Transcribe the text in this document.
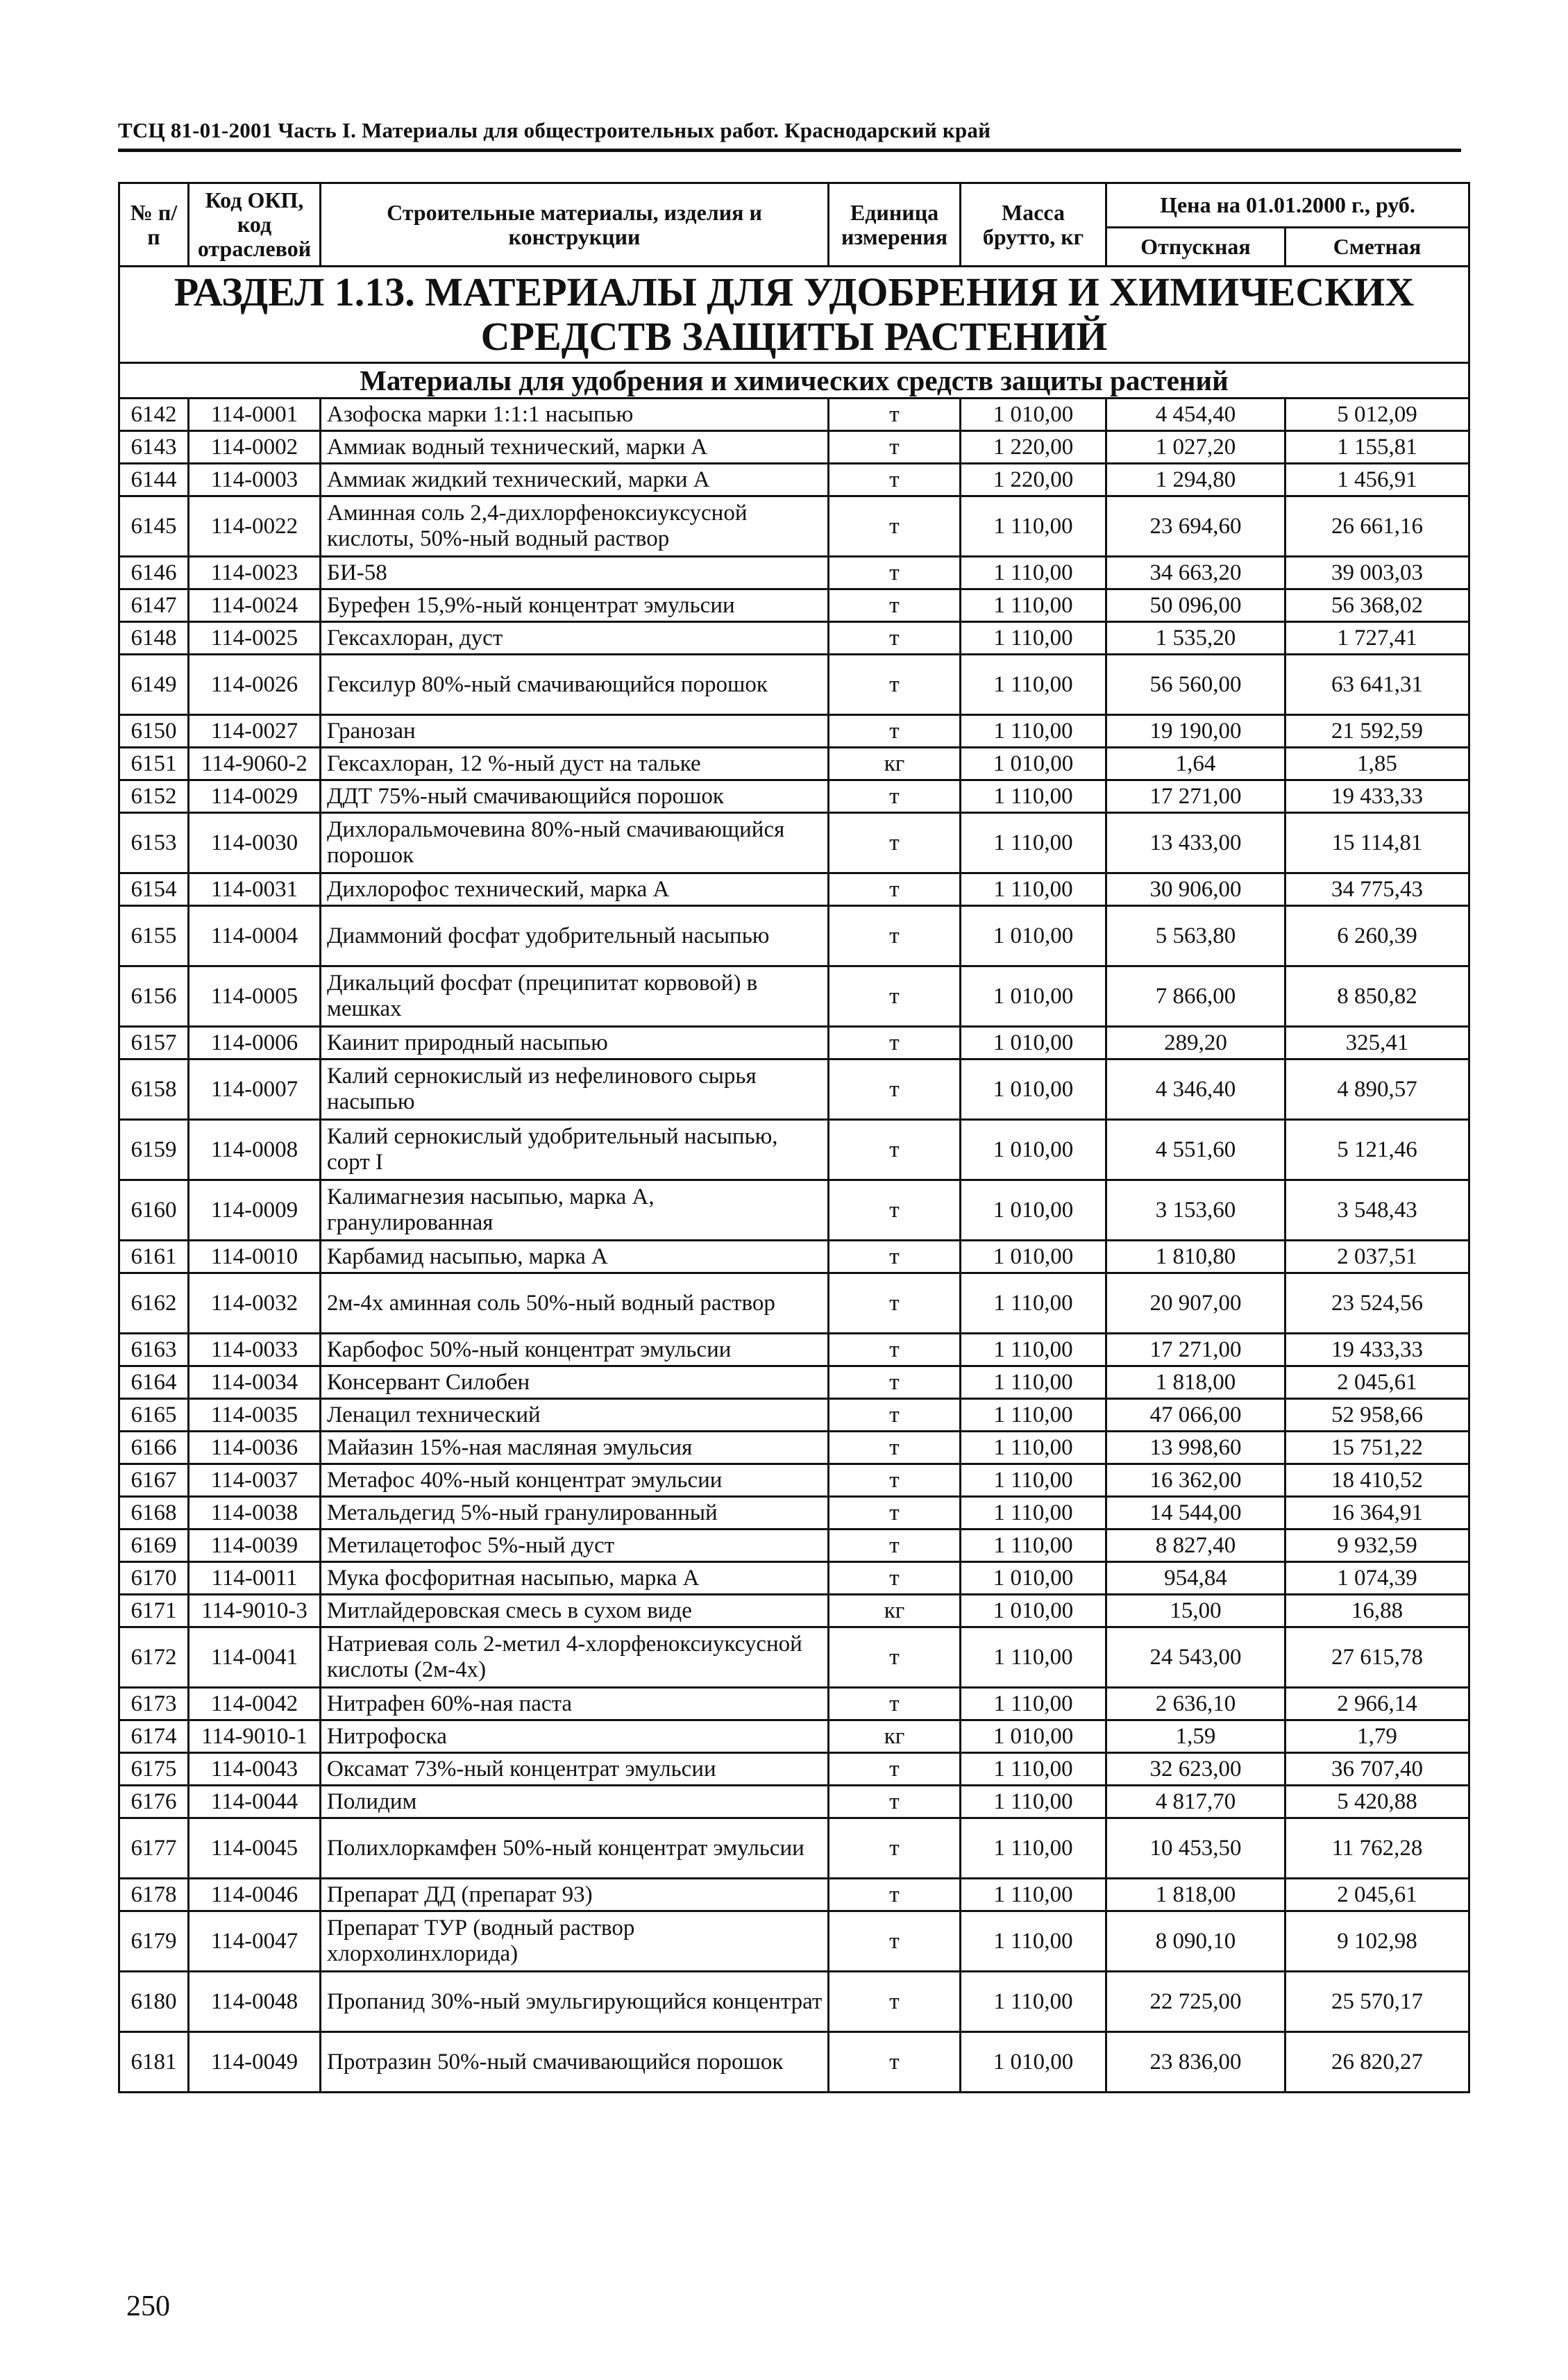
ТСЦ 81-01-2001 Часть I. Материалы для общестроительных работ. Краснодарский край
№ п/п	Код ОКП, код отраслевой	Строительные материалы, изделия и конструкции	Единица измерения	Масса брутто, кг	Цена на 01.01.2000 г., руб.	
					Отпускная	Сметная
РАЗДЕЛ 1.13. МАТЕРИАЛЫ ДЛЯ УДОБРЕНИЯ И ХИМИЧЕСКИХ СРЕДСТВ ЗАЩИТЫ РАСТЕНИЙ						
Материалы для удобрения и химических средств защиты растений						
6142	114-0001	Азофоска марки 1:1:1 насыпью	т	1 010,00	4 454,40	5 012,09
6143	114-0002	Аммиак водный технический, марки А	т	1 220,00	1 027,20	1 155,81
6144	114-0003	Аммиак жидкий технический, марки А	т	1 220,00	1 294,80	1 456,91
6145	114-0022	Аминная соль 2,4-дихлорфеноксиуксусной кислоты, 50%-ный водный раствор	т	1 110,00	23 694,60	26 661,16
6146	114-0023	БИ-58	т	1 110,00	34 663,20	39 003,03
6147	114-0024	Бурефен 15,9%-ный концентрат эмульсии	т	1 110,00	50 096,00	56 368,02
6148	114-0025	Гексахлоран, дуст	т	1 110,00	1 535,20	1 727,41
6149	114-0026	Гексилур 80%-ный смачивающийся порошок	т	1 110,00	56 560,00	63 641,31
6150	114-0027	Гранозан	т	1 110,00	19 190,00	21 592,59
6151	114-9060-2	Гексахлоран, 12 %-ный дуст на тальке	кг	1 010,00	1,64	1,85
6152	114-0029	ДДТ 75%-ный смачивающийся порошок	т	1 110,00	17 271,00	19 433,33
6153	114-0030	Дихлоральмочевина 80%-ный смачивающийся порошок	т	1 110,00	13 433,00	15 114,81
6154	114-0031	Дихлорофос технический, марка А	т	1 110,00	30 906,00	34 775,43
6155	114-0004	Диаммоний фосфат удобрительный насыпью	т	1 010,00	5 563,80	6 260,39
6156	114-0005	Дикальций фосфат (преципитат корвовой) в мешках	т	1 010,00	7 866,00	8 850,82
6157	114-0006	Каинит природный насыпью	т	1 010,00	289,20	325,41
6158	114-0007	Калий сернокислый из нефелинового сырья насыпью	т	1 010,00	4 346,40	4 890,57
6159	114-0008	Калий сернокислый удобрительный насыпью, сорт I	т	1 010,00	4 551,60	5 121,46
6160	114-0009	Калимагнезия насыпью, марка А, гранулированная	т	1 010,00	3 153,60	3 548,43
6161	114-0010	Карбамид насыпью, марка А	т	1 010,00	1 810,80	2 037,51
6162	114-0032	2м-4х аминная соль 50%-ный водный раствор	т	1 110,00	20 907,00	23 524,56
6163	114-0033	Карбофос 50%-ный концентрат эмульсии	т	1 110,00	17 271,00	19 433,33
6164	114-0034	Консервант Силобен	т	1 110,00	1 818,00	2 045,61
6165	114-0035	Ленацил технический	т	1 110,00	47 066,00	52 958,66
6166	114-0036	Майазин 15%-ная масляная эмульсия	т	1 110,00	13 998,60	15 751,22
6167	114-0037	Метафос 40%-ный концентрат эмульсии	т	1 110,00	16 362,00	18 410,52
6168	114-0038	Метальдегид 5%-ный гранулированный	т	1 110,00	14 544,00	16 364,91
6169	114-0039	Метилацетофос 5%-ный дуст	т	1 110,00	8 827,40	9 932,59
6170	114-0011	Мука фосфоритная насыпью, марка А	т	1 010,00	954,84	1 074,39
6171	114-9010-3	Митлайдеровская смесь в сухом виде	кг	1 010,00	15,00	16,88
6172	114-0041	Натриевая соль 2-метил 4-хлорфеноксиуксусной кислоты (2м-4х)	т	1 110,00	24 543,00	27 615,78
6173	114-0042	Нитрафен 60%-ная паста	т	1 110,00	2 636,10	2 966,14
6174	114-9010-1	Нитрофоска	кг	1 010,00	1,59	1,79
6175	114-0043	Оксамат 73%-ный концентрат эмульсии	т	1 110,00	32 623,00	36 707,40
6176	114-0044	Полидим	т	1 110,00	4 817,70	5 420,88
6177	114-0045	Полихлоркамфен 50%-ный концентрат эмульсии	т	1 110,00	10 453,50	11 762,28
6178	114-0046	Препарат ДД (препарат 93)	т	1 110,00	1 818,00	2 045,61
6179	114-0047	Препарат ТУР (водный раствор хлорхолинхлорида)	т	1 110,00	8 090,10	9 102,98
6180	114-0048	Пропанид 30%-ный эмульгирующийся концентрат	т	1 110,00	22 725,00	25 570,17
6181	114-0049	Протразин 50%-ный смачивающийся порошок	т	1 010,00	23 836,00	26 820,27
250
